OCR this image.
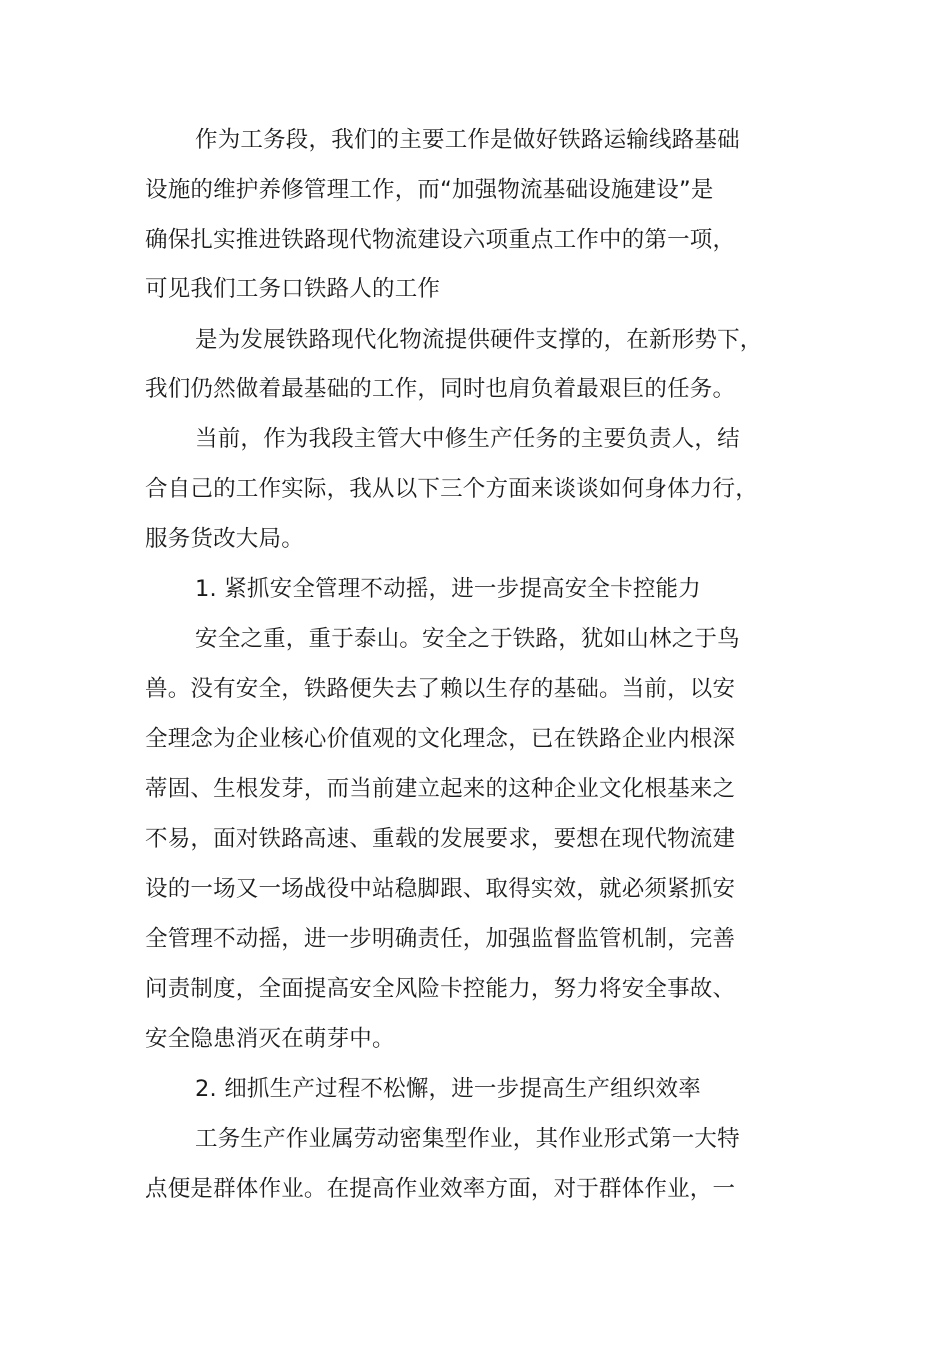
作为工务段，我们的主要工作是做好铁路运输线路基础
设施的维护养修管理工作，而“加强物流基础设施建设”是
确保扎实推进铁路现代物流建设六项重点工作中的第一项，
可见我们工务口铁路人的工作
是为发展铁路现代化物流提供硬件支撑的，在新形势下，
我们仍然做着最基础的工作，同时也肩负着最艰巨的任务。
当前，作为我段主管大中修生产任务的主要负责人，结
合自己的工作实际，我从以下三个方面来谈谈如何身体力行，
服务货改大局。
1. 紧抓安全管理不动摇，进一步提高安全卡控能力
安全之重，重于泰山。安全之于铁路，犹如山林之于鸟
兽。没有安全，铁路便失去了赖以生存的基础。当前，以安
全理念为企业核心价值观的文化理念，已在铁路企业内根深
蒂固、生根发芽，而当前建立起来的这种企业文化根基来之
不易，面对铁路高速、重载的发展要求，要想在现代物流建
设的一场又一场战役中站稳脚跟、取得实效，就必须紧抓安
全管理不动摇，进一步明确责任，加强监督监管机制，完善
问责制度，全面提高安全风险卡控能力，努力将安全事故、
安全隐患消灭在萌芽中。
2. 细抓生产过程不松懈，进一步提高生产组织效率
工务生产作业属劳动密集型作业，其作业形式第一大特
点便是群体作业。在提高作业效率方面，对于群体作业，一
